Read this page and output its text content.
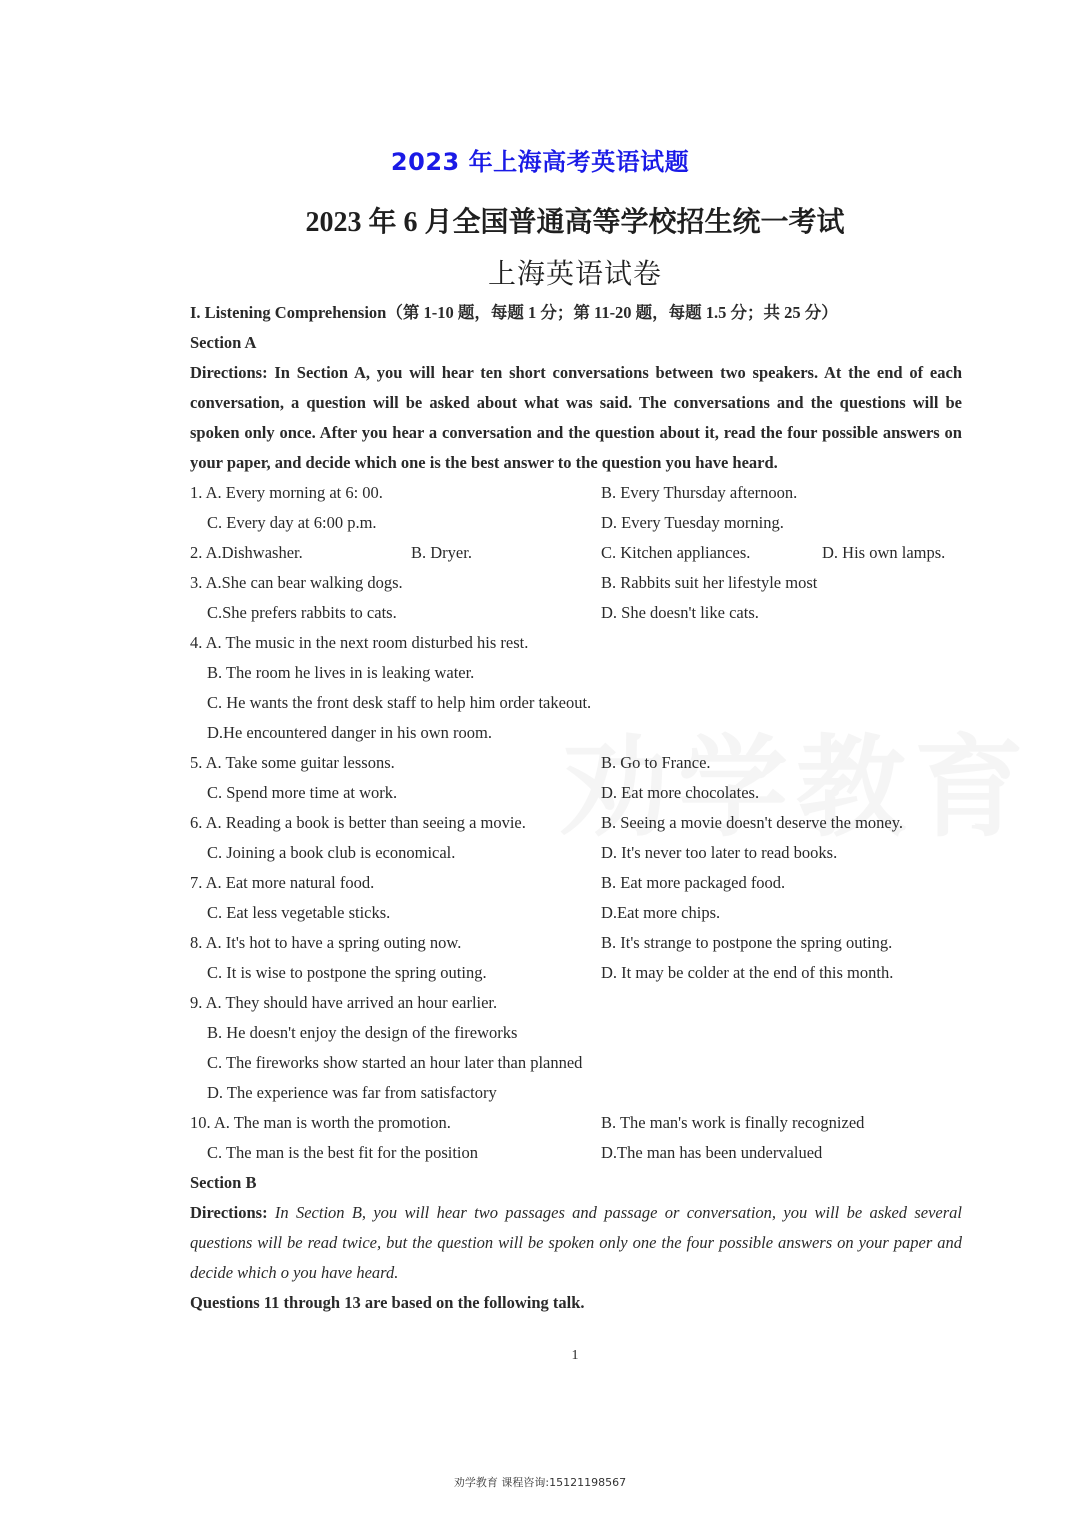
2023 年上海高考英语试题
2023 年 6 月全国普通高等学校招生统一考试
上海英语试卷
I. Listening Comprehension（第 1-10 题，每题 1 分；第 11-20 题，每题 1.5 分；共 25 分）
Section A
Directions: In Section A, you will hear ten short conversations between two speakers. At the end of each conversation, a question will be asked about what was said. The conversations and the questions will be spoken only once. After you hear a conversation and the question about it, read the four possible answers on your paper, and decide which one is the best answer to the question you have heard.
1. A. Every morning at 6: 00.	B. Every Thursday afternoon.
C. Every day at 6:00 p.m.	D. Every Tuesday morning.
2. A.Dishwasher.	B. Dryer.	C. Kitchen appliances.	D. His own lamps.
3. A.She can bear walking dogs.	B. Rabbits suit her lifestyle most
C.She prefers rabbits to cats.	D. She doesn't like cats.
4. A. The music in the next room disturbed his rest.
B. The room he lives in is leaking water.
C. He wants the front desk staff to help him order takeout.
D.He encountered danger in his own room.
5. A. Take some guitar lessons.	B. Go to France.
C. Spend more time at work.	D. Eat more chocolates.
6. A. Reading a book is better than seeing a movie.	B. Seeing a movie doesn't deserve the money.
C. Joining a book club is economical.	D. It's never too later to read books.
7. A. Eat more natural food.	B. Eat more packaged food.
C. Eat less vegetable sticks.	D.Eat more chips.
8. A. It's hot to have a spring outing now.	B. It's strange to postpone the spring outing.
C. It is wise to postpone the spring outing.	D. It may be colder at the end of this month.
9. A. They should have arrived an hour earlier.
B. He doesn't enjoy the design of the fireworks
C. The fireworks show started an hour later than planned
D. The experience was far from satisfactory
10. A. The man is worth the promotion.	B. The man's work is finally recognized
C. The man is the best fit for the position	D.The man has been undervalued
Section B
Directions: In Section B, you will hear two passages and passage or conversation, you will be asked several questions will be read twice, but the question will be spoken only one the four possible answers on your paper and decide which o you have heard.
Questions 11 through 13 are based on the following talk.
1
劝学教育 课程咨询:15121198567
